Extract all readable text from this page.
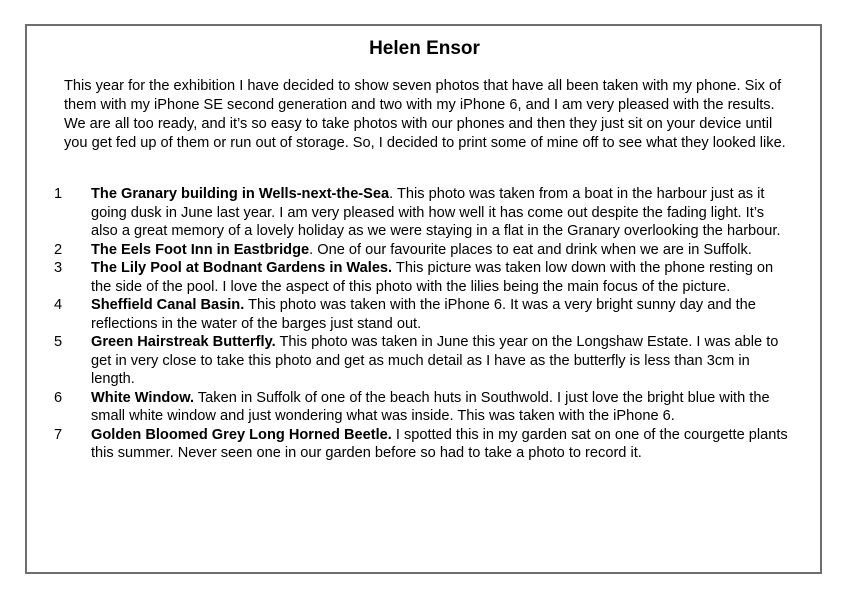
Helen Ensor

This year for the exhibition I have decided to show seven photos that have all been taken with my phone. Six of them with my iPhone SE second generation and two with my iPhone 6, and I am very pleased with the results. We are all too ready, and it’s so easy to take photos with our phones and then they just sit on your device until you get fed up of them or run out of storage. So, I decided to print some of mine off to see what they looked like.

1	The Granary building in Wells-next-the-Sea. This photo was taken from a boat in the harbour just as it going dusk in June last year. I am very pleased with how well it has come out despite the fading light. It’s also a great memory of a lovely holiday as we were staying in a flat in the Granary overlooking the harbour.
2	The Eels Foot Inn in Eastbridge. One of our favourite places to eat and drink when we are in Suffolk.
3	The Lily Pool at Bodnant Gardens in Wales. This picture was taken low down with the phone resting on the side of the pool. I love the aspect of this photo with the lilies being the main focus of the picture.
4	Sheffield Canal Basin. This photo was taken with the iPhone 6. It was a very bright sunny day and the reflections in the water of the barges just stand out.
5	Green Hairstreak Butterfly. This photo was taken in June this year on the Longshaw Estate. I was able to get in very close to take this photo and get as much detail as I have as the butterfly is less than 3cm in length.
6	White Window. Taken in Suffolk of one of the beach huts in Southwold. I just love the bright blue with the small white window and just wondering what was inside. This was taken with the iPhone 6.
7	Golden Bloomed Grey Long Horned Beetle. I spotted this in my garden sat on one of the courgette plants this summer. Never seen one in our garden before so had to take a photo to record it.
